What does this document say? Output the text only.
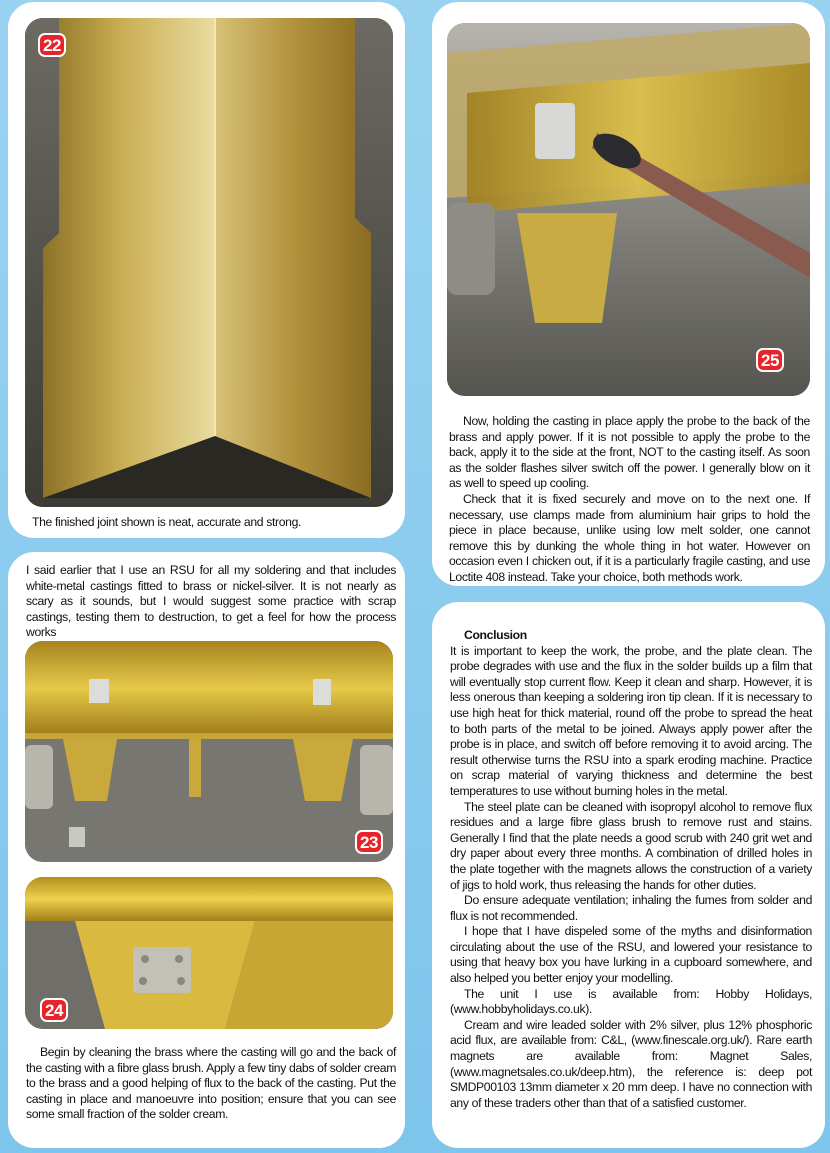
22
The finished joint shown is neat, accurate and strong.

I said earlier that I use an RSU for all my soldering and that includes white-metal castings fitted to brass or nickel-silver. It is not nearly as scary as it sounds, but I would suggest some practice with scrap castings, testing them to destruction, to get a feel for how the process works

23
24

Begin by cleaning the brass where the casting will go and the back of the casting with a fibre glass brush. Apply a few tiny dabs of solder cream to the brass and a good helping of flux to the back of the casting. Put the casting in place and manoeuvre into position; ensure that you can see some small fraction of the solder cream.

25

Now, holding the casting in place apply the probe to the back of the brass and apply power. If it is not possible to apply the probe to the back, apply it to the side at the front, NOT to the casting itself. As soon as the solder flashes silver switch off the power. I generally blow on it as well to speed up cooling.

Check that it is fixed securely and move on to the next one. If necessary, use clamps made from aluminium hair grips to hold the piece in place because, unlike using low melt solder, one cannot remove this by dunking the whole thing in hot water. However on occasion even I chicken out, if it is a particularly fragile casting, and use Loctite 408 instead. Take your choice, both methods work.

Conclusion

It is important to keep the work, the probe, and the plate clean. The probe degrades with use and the flux in the solder builds up a film that will eventually stop current flow. Keep it clean and sharp. However, it is less onerous than keeping a soldering iron tip clean. If it is necessary to use high heat for thick material, round off the probe to spread the heat to both parts of the metal to be joined. Always apply power after the probe is in place, and switch off before removing it to avoid arcing. The result otherwise turns the RSU into a spark eroding machine. Practice on scrap material of varying thickness and determine the best temperatures to use without burning holes in the metal.

The steel plate can be cleaned with isopropyl alcohol to remove flux residues and a large fibre glass brush to remove rust and stains. Generally I find that the plate needs a good scrub with 240 grit wet and dry paper about every three months. A combination of drilled holes in the plate together with the magnets allows the construction of a variety of jigs to hold work, thus releasing the hands for other duties.

Do ensure adequate ventilation; inhaling the fumes from solder and flux is not recommended.

I hope that I have dispeled some of the myths and disinformation circulating about the use of the RSU, and lowered your resistance to using that heavy box you have lurking in a cupboard somewhere, and also helped you better enjoy your modelling.

The unit I use is available from: Hobby Holidays, (www.hobbyholidays.co.uk).

Cream and wire leaded solder with 2% silver, plus 12% phosphoric acid flux, are available from: C&L, (www.finescale.org.uk/). Rare earth magnets are available from: Magnet Sales, (www.magnetsales.co.uk/deep.htm), the reference is: deep pot SMDP00103 13mm diameter x 20 mm deep. I have no connection with any of these traders other than that of a satisfied customer.
